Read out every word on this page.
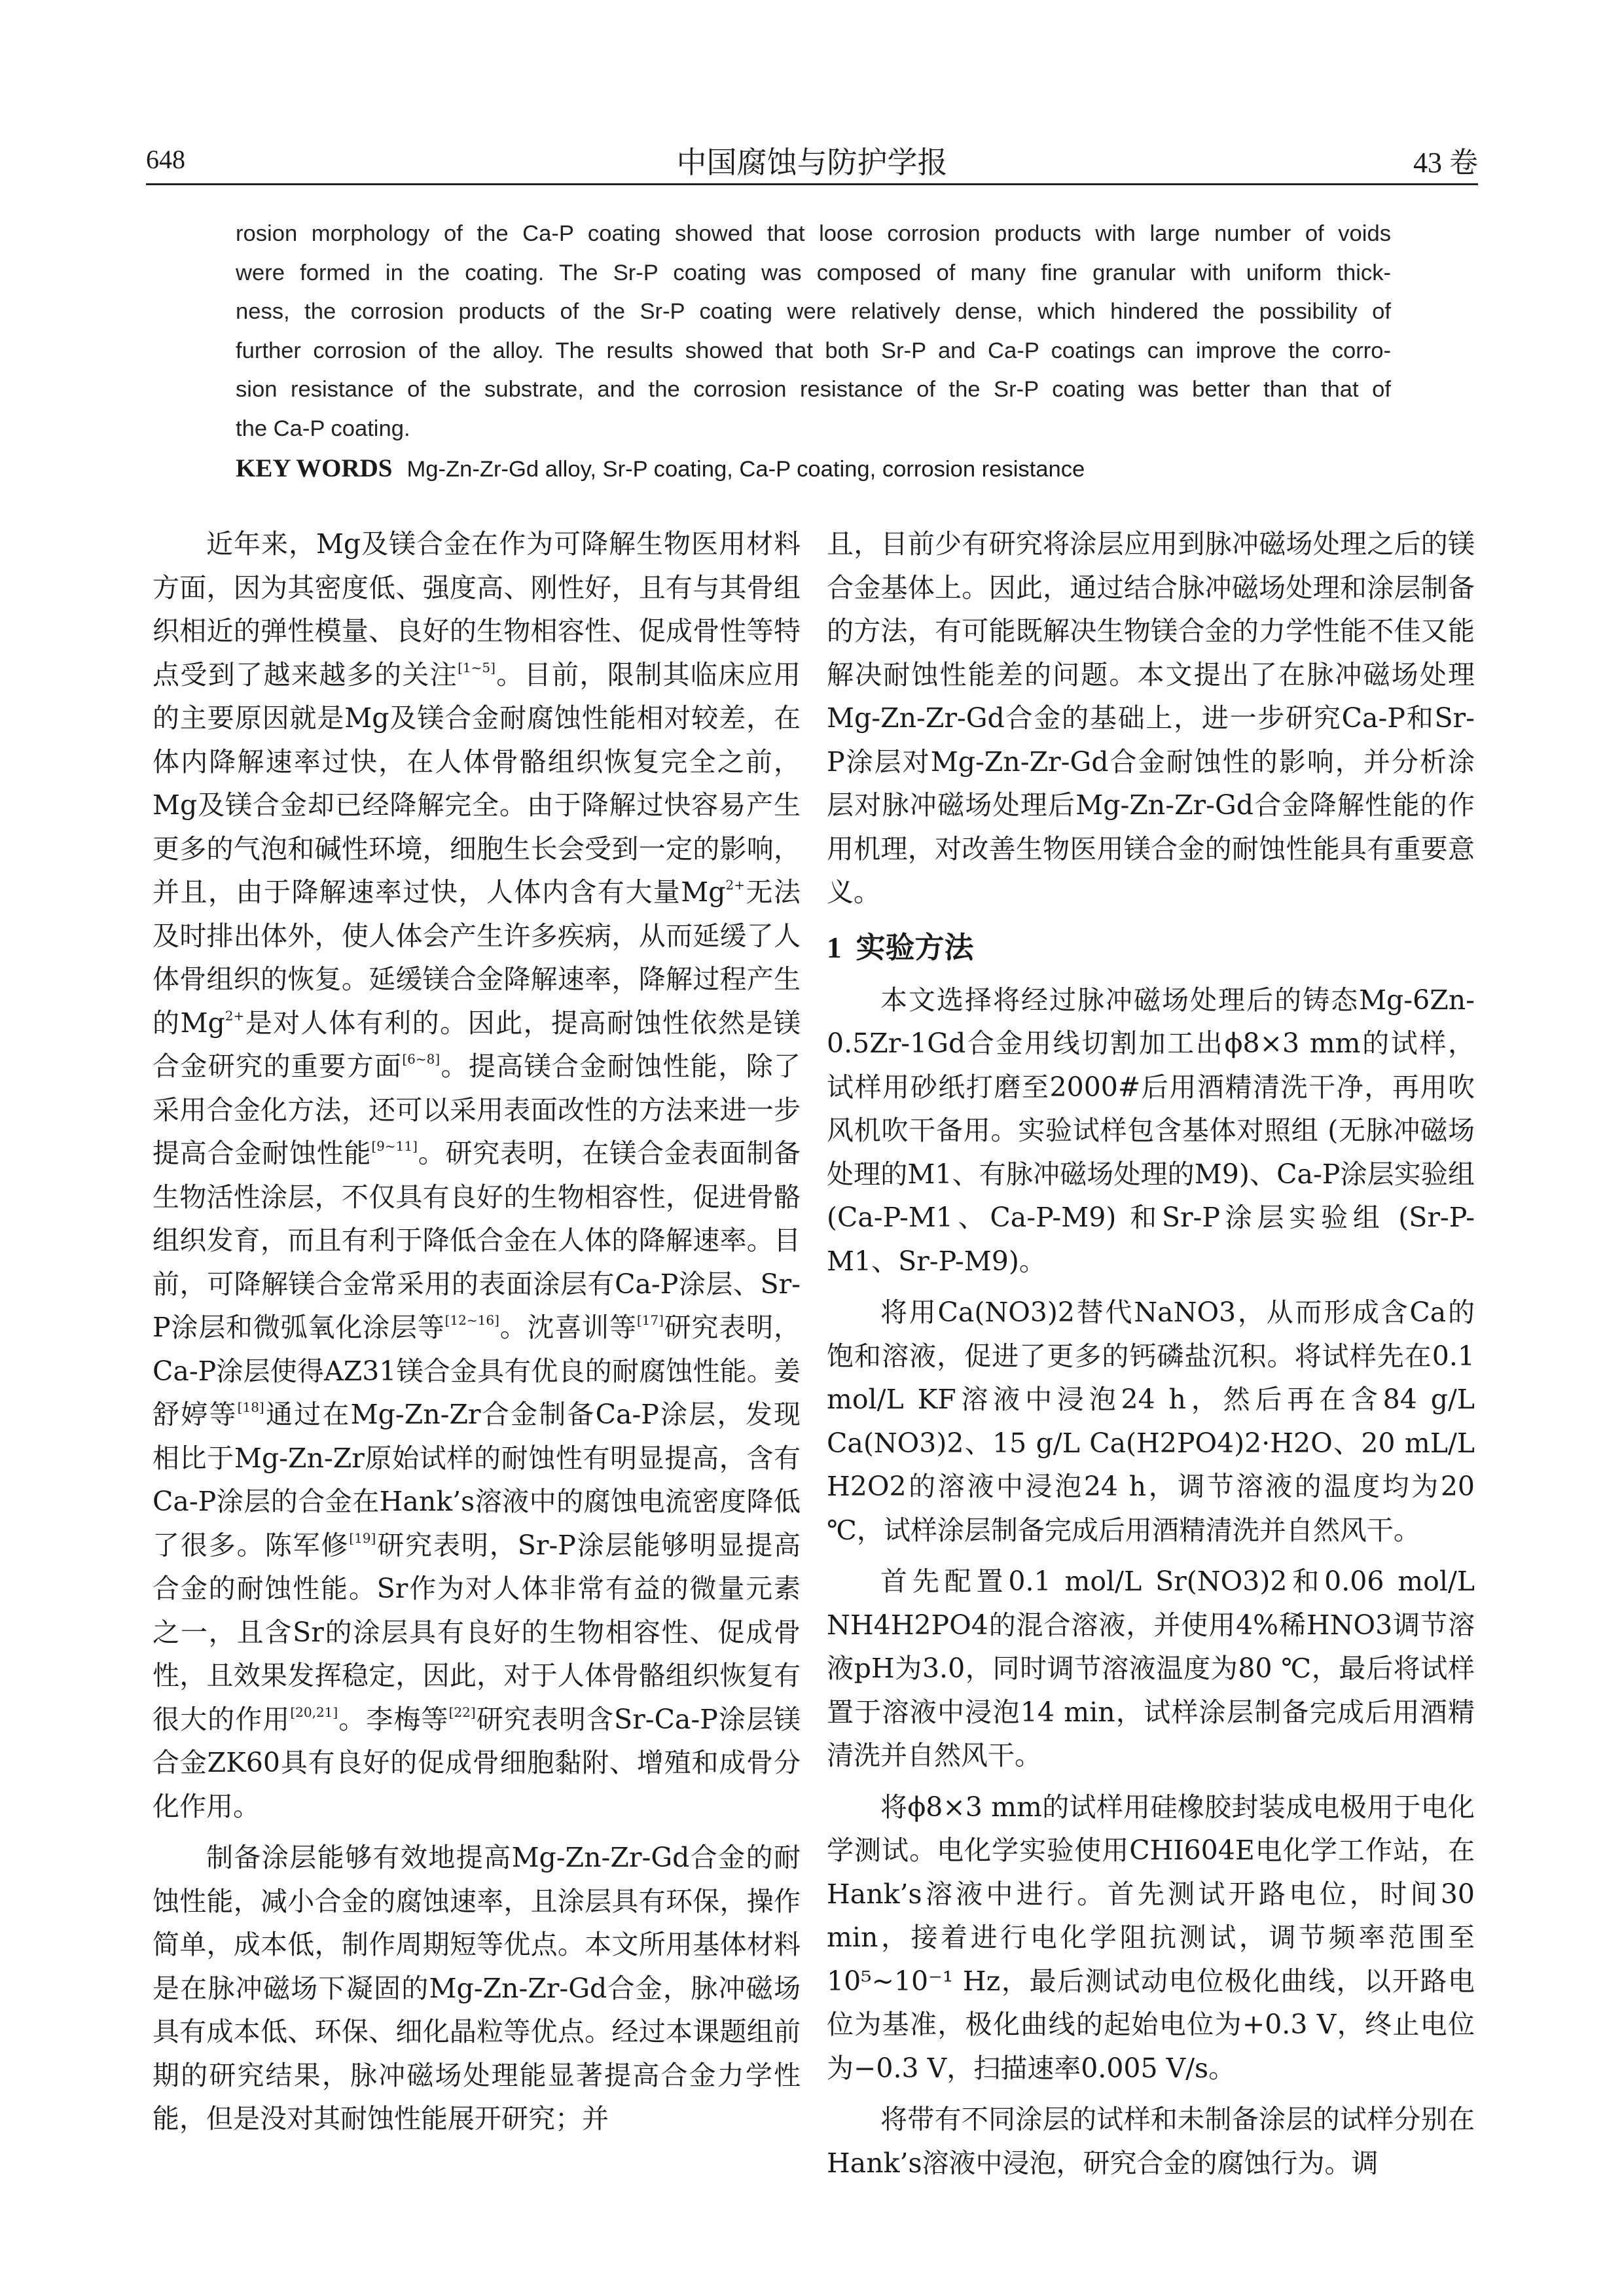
648	中国腐蚀与防护学报	43 卷
rosion morphology of the Ca-P coating showed that loose corrosion products with large number of voids
were formed in the coating. The Sr-P coating was composed of many fine granular with uniform thick-
ness, the corrosion products of the Sr-P coating were relatively dense, which hindered the possibility of
further corrosion of the alloy. The results showed that both Sr-P and Ca-P coatings can improve the corro-
sion resistance of the substrate, and the corrosion resistance of the Sr-P coating was better than that of
the Ca-P coating.
KEY WORDS Mg-Zn-Zr-Gd alloy, Sr-P coating, Ca-P coating, corrosion resistance

近年来，Mg及镁合金在作为可降解生物医用材料方面，因为其密度低、强度高、刚性好，且有与其骨组织相近的弹性模量、良好的生物相容性、促成骨性等特点受到了越来越多的关注[1~5]。目前，限制其临床应用的主要原因就是Mg及镁合金耐腐蚀性能相对较差，在体内降解速率过快，在人体骨骼组织恢复完全之前，Mg及镁合金却已经降解完全。由于降解过快容易产生更多的气泡和碱性环境，细胞生长会受到一定的影响，并且，由于降解速率过快，人体内含有大量Mg$^{2+}$无法及时排出体外，使人体会产生许多疾病，从而延缓了人体骨组织的恢复。延缓镁合金降解速率，降解过程产生的Mg$^{2+}$是对人体有利的。因此，提高耐蚀性依然是镁合金研究的重要方面[6~8]。提高镁合金耐蚀性能，除了采用合金化方法，还可以采用表面改性的方法来进一步提高合金耐蚀性能[9~11]。研究表明，在镁合金表面制备生物活性涂层，不仅具有良好的生物相容性，促进骨骼组织发育，而且有利于降低合金在人体的降解速率。目前，可降解镁合金常采用的表面涂层有Ca-P涂层、Sr-P涂层和微弧氧化涂层等[12~16]。沈喜训等[17]研究表明，Ca-P涂层使得AZ31镁合金具有优良的耐腐蚀性能。姜舒婷等[18]通过在Mg-Zn-Zr合金制备Ca-P涂层，发现相比于Mg-Zn-Zr原始试样的耐蚀性有明显提高，含有Ca-P涂层的合金在Hank’s溶液中的腐蚀电流密度降低了很多。陈军修[19]研究表明，Sr-P涂层能够明显提高合金的耐蚀性能。Sr作为对人体非常有益的微量元素之一，且含Sr的涂层具有良好的生物相容性、促成骨性，且效果发挥稳定，因此，对于人体骨骼组织恢复有很大的作用[20,21]。李梅等[22]研究表明含Sr-Ca-P涂层镁合金ZK60具有良好的促成骨细胞黏附、增殖和成骨分化作用。

制备涂层能够有效地提高Mg-Zn-Zr-Gd合金的耐蚀性能，减小合金的腐蚀速率，且涂层具有环保，操作简单，成本低，制作周期短等优点。本文所用基体材料是在脉冲磁场下凝固的Mg-Zn-Zr-Gd合金，脉冲磁场具有成本低、环保、细化晶粒等优点。经过本课题组前期的研究结果，脉冲磁场处理能显著提高合金力学性能，但是没对其耐蚀性能展开研究；并

且，目前少有研究将涂层应用到脉冲磁场处理之后的镁合金基体上。因此，通过结合脉冲磁场处理和涂层制备的方法，有可能既解决生物镁合金的力学性能不佳又能解决耐蚀性能差的问题。本文提出了在脉冲磁场处理Mg-Zn-Zr-Gd合金的基础上，进一步研究Ca-P和Sr-P涂层对Mg-Zn-Zr-Gd合金耐蚀性的影响，并分析涂层对脉冲磁场处理后Mg-Zn-Zr-Gd合金降解性能的作用机理，对改善生物医用镁合金的耐蚀性能具有重要意义。

1 实验方法

本文选择将经过脉冲磁场处理后的铸态Mg-6Zn-0.5Zr-1Gd合金用线切割加工出ϕ8×3 mm的试样，试样用砂纸打磨至2000#后用酒精清洗干净，再用吹风机吹干备用。实验试样包含基体对照组 (无脉冲磁场处理的M1、有脉冲磁场处理的M9)、Ca-P涂层实验组 (Ca-P-M1、Ca-P-M9) 和Sr-P涂层实验组 (Sr-P-M1、Sr-P-M9)。

将用Ca(NO3)2替代NaNO3，从而形成含Ca的饱和溶液，促进了更多的钙磷盐沉积。将试样先在0.1 mol/L KF溶液中浸泡24 h，然后再在含84 g/L Ca(NO3)2、15 g/L Ca(H2PO4)2·H2O、20 mL/L H2O2的溶液中浸泡24 h，调节溶液的温度均为20 ℃，试样涂层制备完成后用酒精清洗并自然风干。

首先配置0.1 mol/L Sr(NO3)2和0.06 mol/L NH4H2PO4的混合溶液，并使用4%稀HNO3调节溶液pH为3.0，同时调节溶液温度为80 ℃，最后将试样置于溶液中浸泡14 min，试样涂层制备完成后用酒精清洗并自然风干。

将ϕ8×3 mm的试样用硅橡胶封装成电极用于电化学测试。电化学实验使用CHI604E电化学工作站，在Hank’s溶液中进行。首先测试开路电位，时间30 min，接着进行电化学阻抗测试，调节频率范围至10⁵~10⁻¹ Hz，最后测试动电位极化曲线，以开路电位为基准，极化曲线的起始电位为+0.3 V，终止电位为−0.3 V，扫描速率0.005 V/s。

将带有不同涂层的试样和未制备涂层的试样分别在Hank’s溶液中浸泡，研究合金的腐蚀行为。调
